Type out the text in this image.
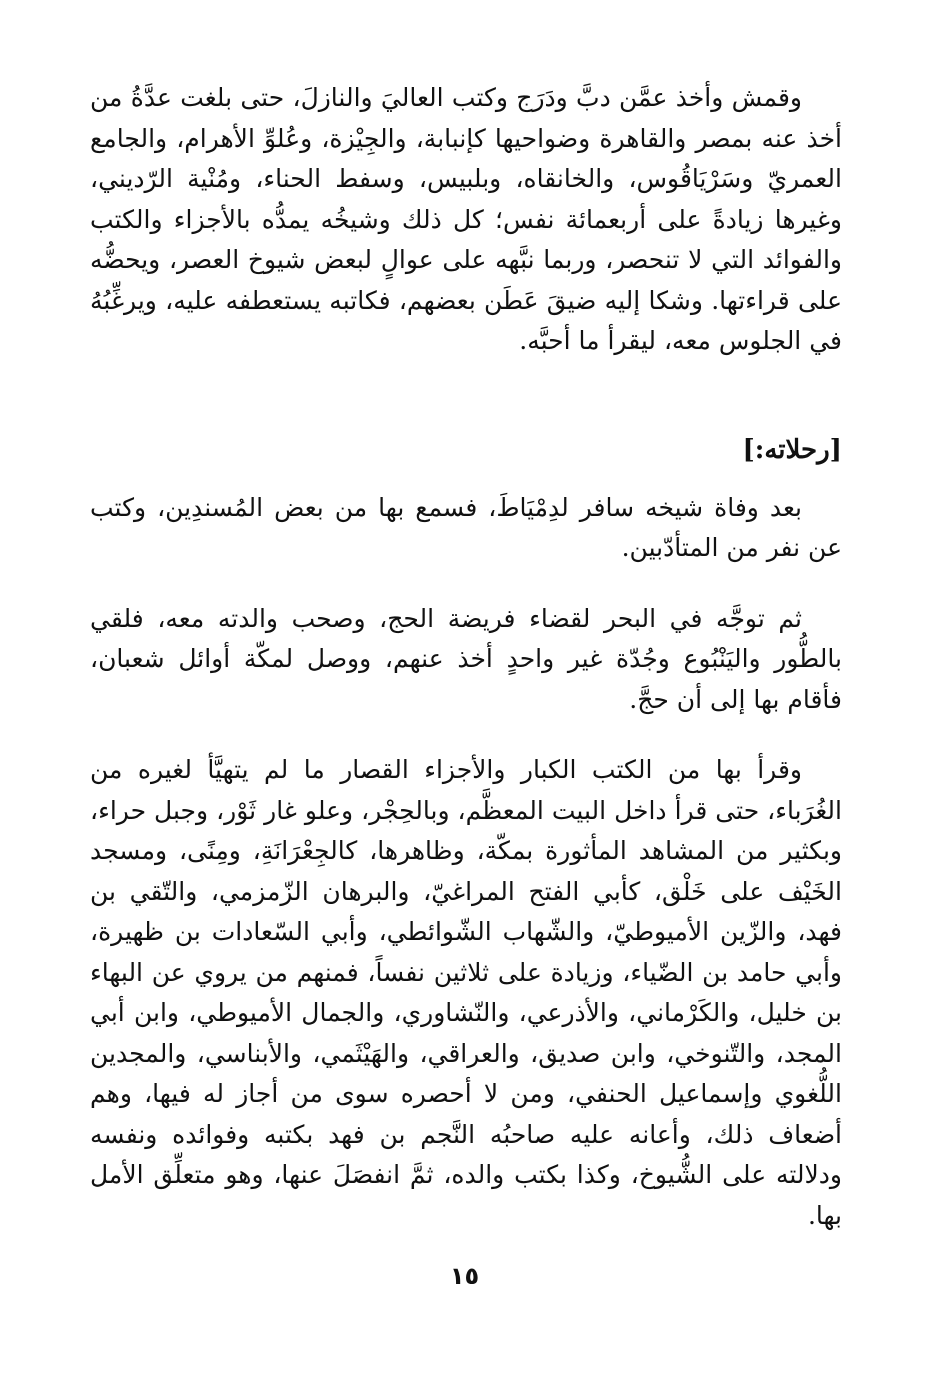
وقمش وأخذ عمَّن دبَّ ودَرَج وكتب العاليَ والنازلَ، حتى بلغت عدَّةُ من أخذ عنه بمصر والقاهرة وضواحيها كإنبابة، والجِيْزة، وعُلوِّ الأهرام، والجامع العمريّ وسَرْيَاقُوس، والخانقاه، وبلبيس، وسفط الحناء، ومُنْية الرّديني، وغيرها زيادةً على أربعمائة نفس؛ كل ذلك وشيخُه يمدُّه بالأجزاء والكتب والفوائد التي لا تنحصر، وربما نبَّهه على عوالٍ لبعض شيوخ العصر، ويحضُّه على قراءتها. وشكا إليه ضيقَ عَطَن بعضهم، فكاتبه يستعطفه عليه، ويرغِّبُهُ في الجلوس معه، ليقرأ ما أحبَّه.

[رحلاته:]

بعد وفاة شيخه سافر لدِمْيَاطَ، فسمع بها من بعض المُسندِين، وكتب عن نفر من المتأدّبين.

ثم توجَّه في البحر لقضاء فريضة الحج، وصحب والدته معه، فلقي بالطُّور واليَنْبُوع وجُدّة غير واحدٍ أخذ عنهم، ووصل لمكّة أوائل شعبان، فأقام بها إلى أن حجَّ.

وقرأ بها من الكتب الكبار والأجزاء القصار ما لم يتهيَّأ لغيره من الغُرَباء، حتى قرأ داخل البيت المعظَّم، وبالحِجْر، وعلو غار ثَوْر، وجبل حراء، وبكثير من المشاهد المأثورة بمكّة، وظاهرها، كالجِعْرَانَةِ، ومِنًى، ومسجد الخَيْف على خَلْق، كأبي الفتح المراغيّ، والبرهان الزّمزمي، والتّقي بن فهد، والزّين الأميوطيّ، والشّهاب الشّوائطي، وأبي السّعادات بن ظهيرة، وأبي حامد بن الضّياء، وزيادة على ثلاثين نفساً، فمنهم من يروي عن البهاء بن خليل، والكَرْماني، والأذرعي، والنّشاوري، والجمال الأميوطي، وابن أبي المجد، والتّنوخي، وابن صديق، والعراقي، والهَيْثَمي، والأبناسي، والمجدين اللُّغوي وإسماعيل الحنفي، ومن لا أحصره سوى من أجاز له فيها، وهم أضعاف ذلك، وأعانه عليه صاحبُه النَّجم بن فهد بكتبه وفوائده ونفسه ودلالته على الشُّيوخ، وكذا بكتب والده، ثمَّ انفصَلَ عنها، وهو متعلِّق الأمل بها.

١٥
